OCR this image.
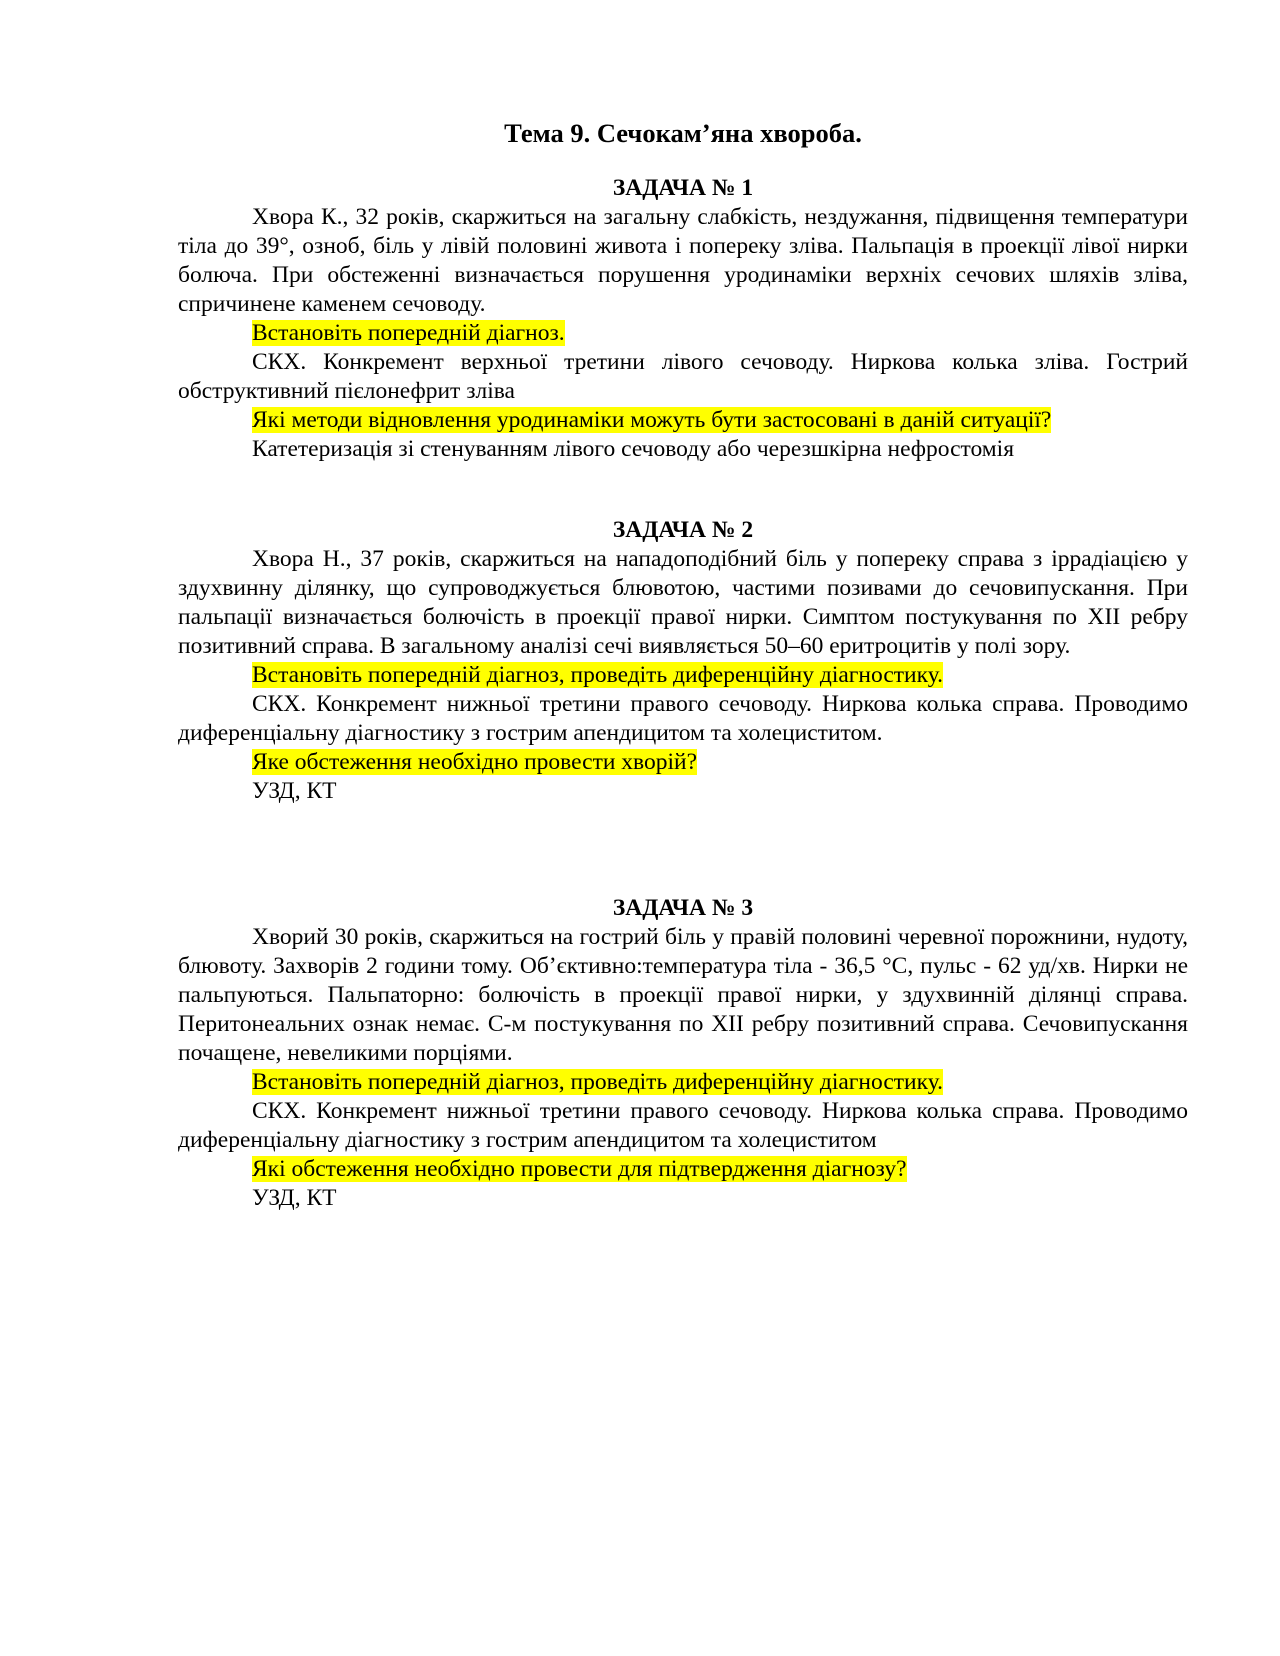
Тема 9. Сечокам’яна хвороба.

ЗАДАЧА № 1

Хвора К., 32 років, скаржиться на загальну слабкість, нездужання, підвищення температури тіла до 39°, озноб, біль у лівій половині живота і попереку зліва. Пальпація в проекції лівої нирки болюча. При обстеженні визначається порушення уродинаміки верхніх сечових шляхів зліва, спричинене каменем сечоводу.

Встановіть попередній діагноз.

СКХ. Конкремент верхньої третини лівого сечоводу. Ниркова колька зліва. Гострий обструктивний пієлонефрит зліва

Які методи відновлення уродинаміки можуть бути застосовані в даній ситуації?

Катетеризація зі стенуванням лівого сечоводу або черезшкірна нефростомія

ЗАДАЧА № 2

Хвора Н., 37 років, скаржиться на нападоподібний біль у попереку справа з іррадіацією у здухвинну ділянку, що супроводжується блювотою, частими позивами до сечовипускання. При пальпації визначається болючість в проекції правої нирки. Симптом постукування по XII ребру позитивний справа. В загальному аналізі сечі виявляється 50–60 еритроцитів у полі зору.

Встановіть попередній діагноз, проведіть диференційну діагностику.

СКХ. Конкремент нижньої третини правого сечоводу. Ниркова колька справа. Проводимо диференціальну діагностику з гострим апендицитом та холециститом.

Яке обстеження необхідно провести хворій?

УЗД, КТ

ЗАДАЧА № 3

Хворий 30 років, скаржиться на гострий біль у правій половині черевної порожнини, нудоту, блювоту. Захворів 2 години тому. Об’єктивно:температура тіла - 36,5 °С, пульс - 62 уд/хв. Нирки не пальпуються. Пальпаторно: болючість в проекції правої нирки, у здухвинній ділянці справа. Перитонеальних ознак немає. С-м постукування по XII ребру позитивний справа. Сечовипускання почащене, невеликими порціями.

Встановіть попередній діагноз, проведіть диференційну діагностику.

СКХ. Конкремент нижньої третини правого сечоводу. Ниркова колька справа. Проводимо диференціальну діагностику з гострим апендицитом та холециститом

Які обстеження необхідно провести для підтвердження діагнозу?

УЗД, КТ
